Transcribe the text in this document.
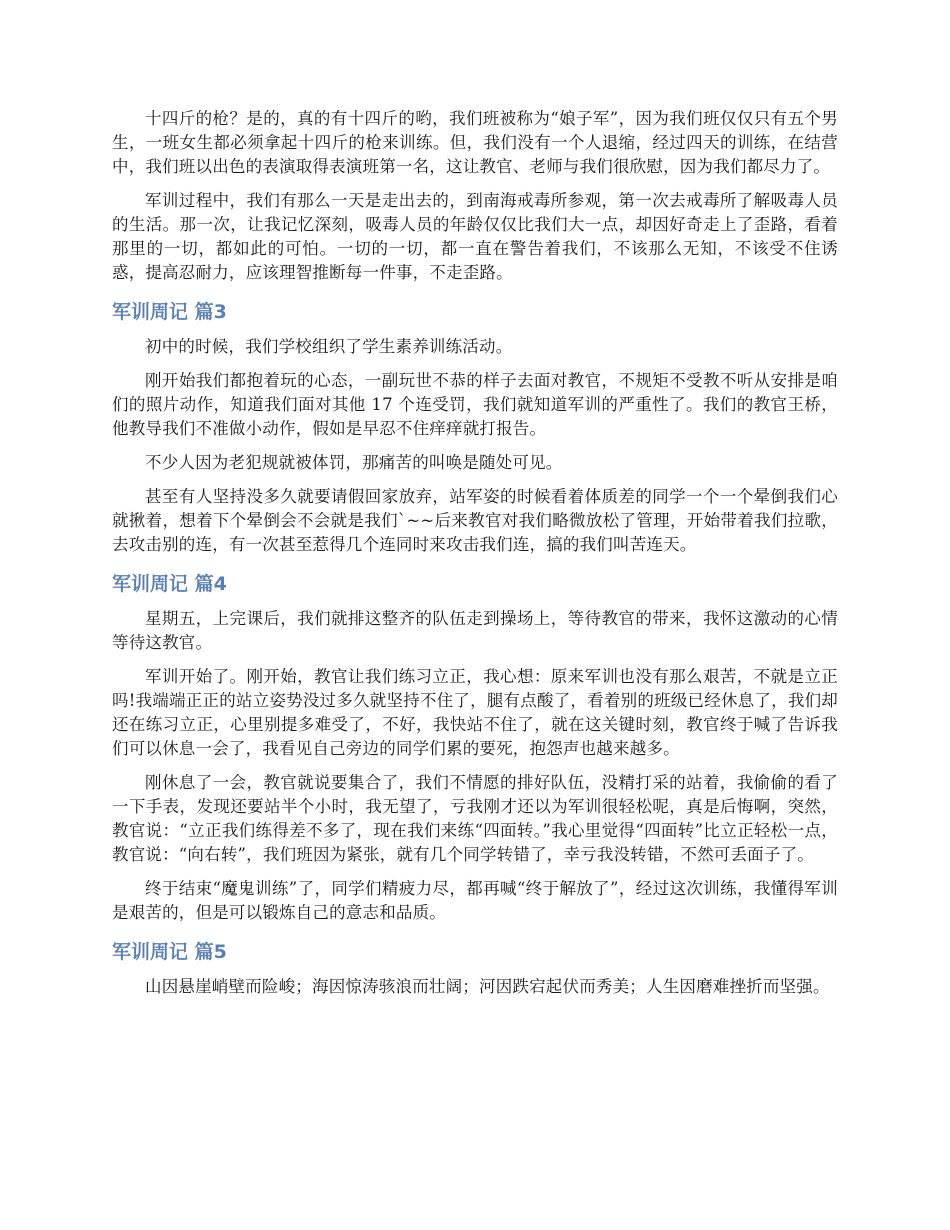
十四斤的枪？是的，真的有十四斤的哟，我们班被称为“娘子军”，因为我们班仅仅只有五个男生，一班女生都必须拿起十四斤的枪来训练。但，我们没有一个人退缩，经过四天的训练，在结营中，我们班以出色的表演取得表演班第一名，这让教官、老师与我们很欣慰，因为我们都尽力了。

军训过程中，我们有那么一天是走出去的，到南海戒毒所参观，第一次去戒毒所了解吸毒人员的生活。那一次，让我记忆深刻，吸毒人员的年龄仅仅比我们大一点，却因好奇走上了歪路，看着那里的一切，都如此的可怕。一切的一切，都一直在警告着我们，不该那么无知，不该受不住诱惑，提高忍耐力，应该理智推断每一件事，不走歪路。

军训周记 篇3

初中的时候，我们学校组织了学生素养训练活动。

刚开始我们都抱着玩的心态，一副玩世不恭的样子去面对教官，不规矩不受教不听从安排是咱们的照片动作，知道我们面对其他 17 个连受罚，我们就知道军训的严重性了。我们的教官王桥，他教导我们不准做小动作，假如是早忍不住痒痒就打报告。

不少人因为老犯规就被体罚，那痛苦的叫唤是随处可见。

甚至有人坚持没多久就要请假回家放弃，站军姿的时候看着体质差的同学一个一个晕倒我们心就揪着，想着下个晕倒会不会就是我们`~~后来教官对我们略微放松了管理，开始带着我们拉歌，去攻击别的连，有一次甚至惹得几个连同时来攻击我们连，搞的我们叫苦连天。

军训周记 篇4

星期五，上完课后，我们就排这整齐的队伍走到操场上，等待教官的带来，我怀这激动的心情等待这教官。

军训开始了。刚开始，教官让我们练习立正，我心想：原来军训也没有那么艰苦，不就是立正吗!我端端正正的站立姿势没过多久就坚持不住了，腿有点酸了，看着别的班级已经休息了，我们却还在练习立正，心里别提多难受了，不好，我快站不住了，就在这关键时刻，教官终于喊了告诉我们可以休息一会了，我看见自己旁边的同学们累的要死，抱怨声也越来越多。

刚休息了一会，教官就说要集合了，我们不情愿的排好队伍，没精打采的站着，我偷偷的看了一下手表，发现还要站半个小时，我无望了，亏我刚才还以为军训很轻松呢，真是后悔啊，突然，教官说：“立正我们练得差不多了，现在我们来练“四面转。”我心里觉得“四面转”比立正轻松一点，教官说：“向右转”，我们班因为紧张，就有几个同学转错了，幸亏我没转错，不然可丢面子了。

终于结束“魔鬼训练”了，同学们精疲力尽，都再喊“终于解放了”，经过这次训练，我懂得军训是艰苦的，但是可以锻炼自己的意志和品质。

军训周记 篇5

山因悬崖峭壁而险峻；海因惊涛骇浪而壮阔；河因跌宕起伏而秀美；人生因磨难挫折而坚强。
